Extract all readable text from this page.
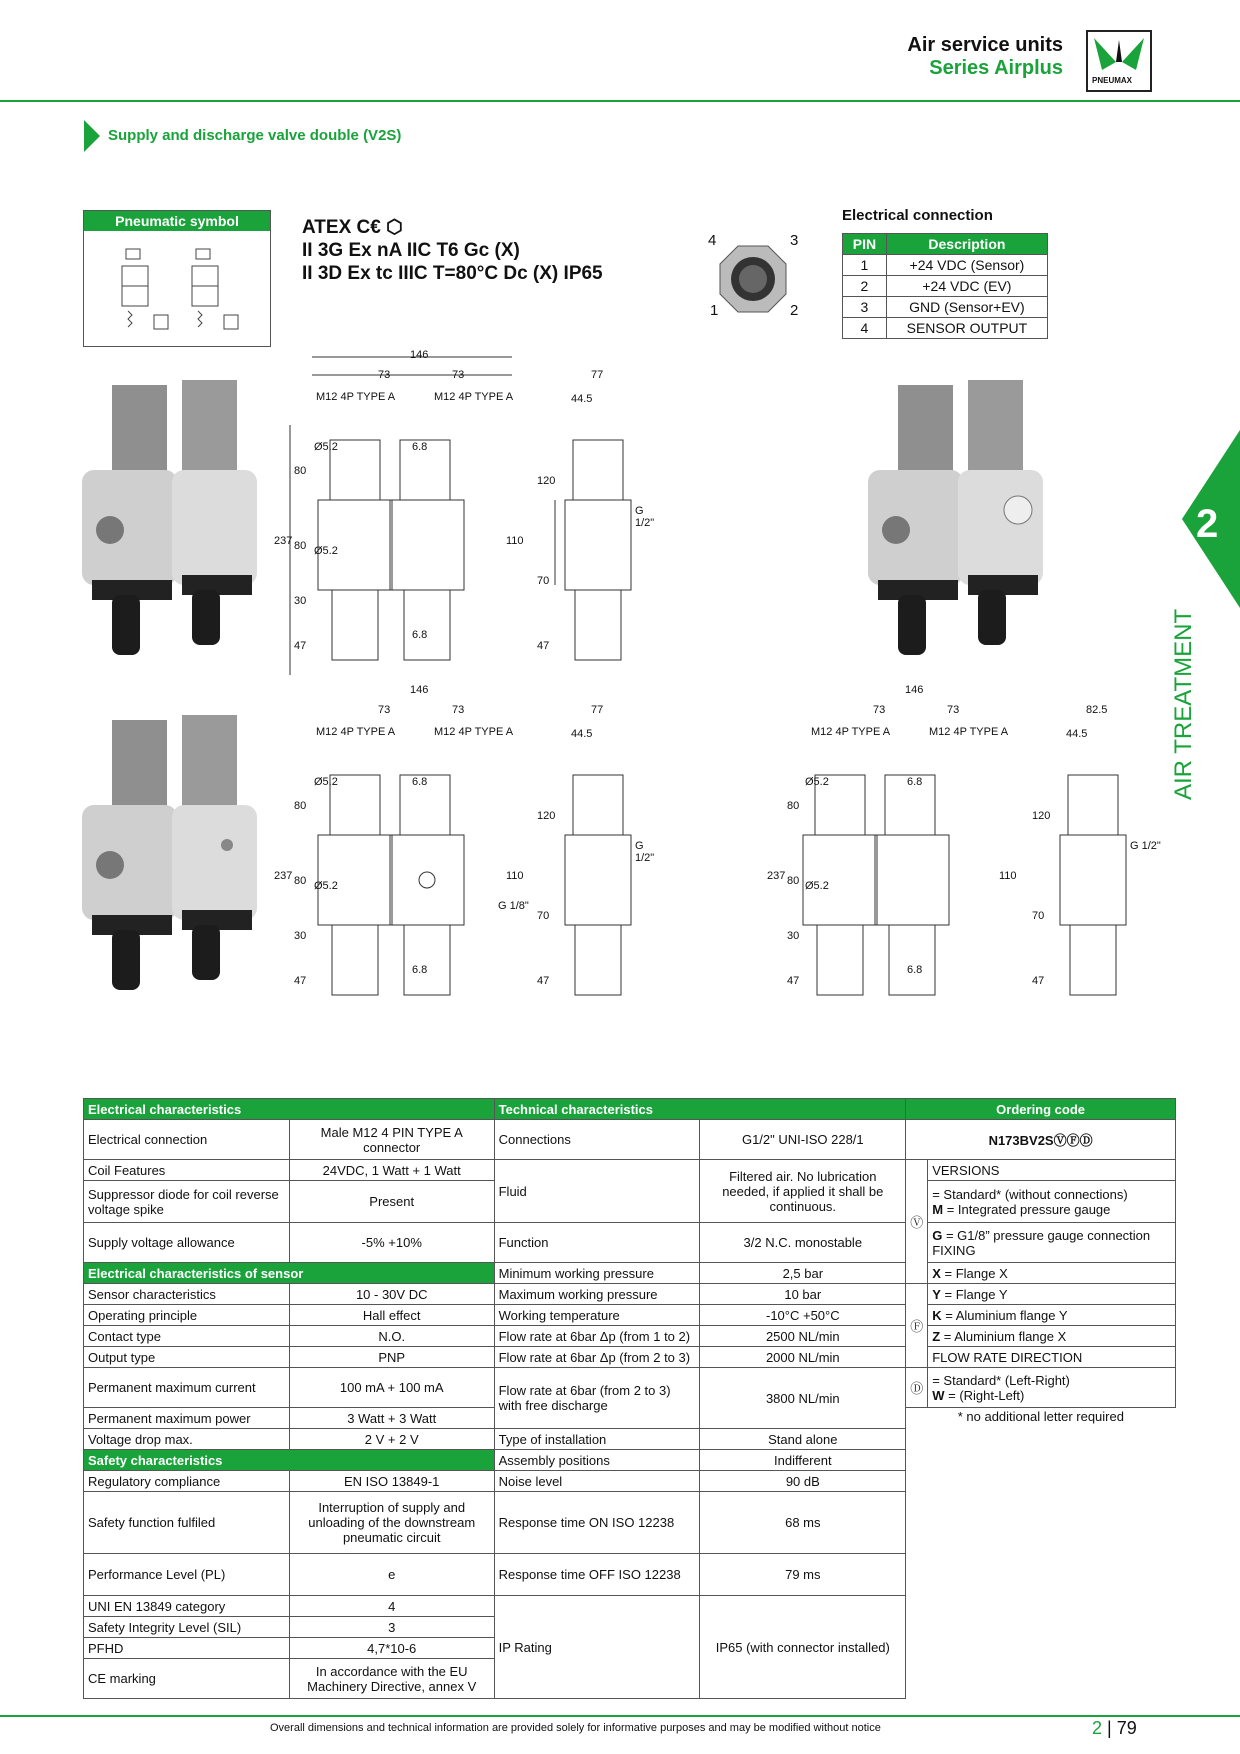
Air service units
Series Airplus
PNEUMAX
Supply and discharge valve double (V2S)
Pneumatic symbol	ATEX C€ ⬡
II 3G Ex nA IIC T6 Gc (X)
II 3D Ex tc IIIC T=80°C Dc (X) IP65
4	3
1	2
Electrical connection
PIN	Description
1	+24 VDC (Sensor)
2	+24 VDC (EV)
3	GND (Sensor+EV)
4	SENSOR OUTPUT
146
73	73
M12 4P TYPE A	M12 4P TYPE A
Ø5.2
Ø5.2
6.8
6.8
80
237 80
30
47
110
77
44.5
120
70
47
G 1/2"
146
73	73
M12 4P TYPE A	M12 4P TYPE A
Ø5.2
Ø5.2
6.8
6.8
80
237 80
30
47
110
G 1/8"
77
44.5
120
70
47
G 1/2"
146
73	73
M12 4P TYPE A	M12 4P TYPE A
Ø5.2
Ø5.2
6.8
6.8
80
237 80
30
47
110
82.5
44.5
120
70
47
G 1/2"
2
AIR TREATMENT
Electrical characteristics		Technical characteristics		Ordering code	
Electrical connection	Male M12 4 PIN TYPE A connector	Connections	G1/2" UNI-ISO 228/1	N173BV2SⓋⒻⒹ	
Coil Features	24VDC, 1 Watt + 1 Watt	Fluid	Filtered air. No lubrication needed, if applied it shall be continuous.	Ⓥ	VERSIONS
Suppressor diode for coil reverse voltage spike	Present				= Standard* (without connections)
M = Integrated pressure gauge
Supply voltage allowance	-5% +10%	Function	3/2 N.C. monostable		G = G1/8” pressure gauge connection
FIXING
Electrical characteristics of sensor		Minimum working pressure	2,5 bar		X = Flange X
Sensor characteristics	10 - 30V DC	Maximum working pressure	10 bar	Ⓕ	Y = Flange Y
Operating principle	Hall effect	Working temperature	-10°C +50°C		K = Aluminium flange Y
Contact type	N.O.	Flow rate at 6bar Δp (from 1 to 2)	2500 NL/min		Z = Aluminium flange X
Output type	PNP	Flow rate at 6bar Δp (from 2 to 3)	2000 NL/min		FLOW RATE DIRECTION
Permanent maximum current	100 mA + 100 mA	Flow rate at 6bar (from 2 to 3) with free discharge	3800 NL/min	Ⓓ	= Standard* (Left-Right)
W = (Right-Left)
Permanent maximum power	3 Watt + 3 Watt			* no additional letter required	
Voltage drop max.	2 V + 2 V	Type of installation	Stand alone		
Safety characteristics		Assembly positions	Indifferent		
Regulatory compliance	EN ISO 13849-1	Noise level	90 dB		
Safety function fulfiled	Interruption of supply and unloading of the downstream pneumatic circuit	Response time ON ISO 12238	68 ms		
Performance Level (PL)	e	Response time OFF ISO 12238	79 ms		
UNI EN 13849 category	4	IP Rating	IP65 (with connector installed)		
Safety Integrity Level (SIL)	3				
PFHD	4,7*10-6				
CE marking	In accordance with the EU Machinery Directive, annex V				
Overall dimensions and technical information are provided solely for informative purposes and may be modified without notice	2 | 79
